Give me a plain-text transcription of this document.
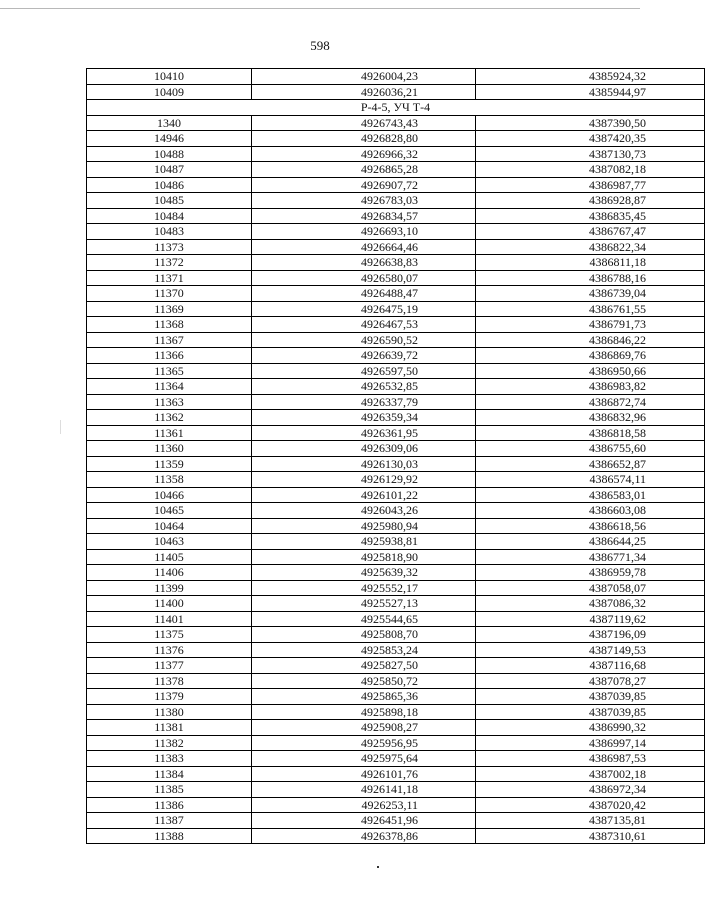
598
10410	4926004,23	4385924,32
10409	4926036,21	4385944,97
Р-4-5, УЧ Т-4		
1340	4926743,43	4387390,50
14946	4926828,80	4387420,35
10488	4926966,32	4387130,73
10487	4926865,28	4387082,18
10486	4926907,72	4386987,77
10485	4926783,03	4386928,87
10484	4926834,57	4386835,45
10483	4926693,10	4386767,47
11373	4926664,46	4386822,34
11372	4926638,83	4386811,18
11371	4926580,07	4386788,16
11370	4926488,47	4386739,04
11369	4926475,19	4386761,55
11368	4926467,53	4386791,73
11367	4926590,52	4386846,22
11366	4926639,72	4386869,76
11365	4926597,50	4386950,66
11364	4926532,85	4386983,82
11363	4926337,79	4386872,74
11362	4926359,34	4386832,96
11361	4926361,95	4386818,58
11360	4926309,06	4386755,60
11359	4926130,03	4386652,87
11358	4926129,92	4386574,11
10466	4926101,22	4386583,01
10465	4926043,26	4386603,08
10464	4925980,94	4386618,56
10463	4925938,81	4386644,25
11405	4925818,90	4386771,34
11406	4925639,32	4386959,78
11399	4925552,17	4387058,07
11400	4925527,13	4387086,32
11401	4925544,65	4387119,62
11375	4925808,70	4387196,09
11376	4925853,24	4387149,53
11377	4925827,50	4387116,68
11378	4925850,72	4387078,27
11379	4925865,36	4387039,85
11380	4925898,18	4387039,85
11381	4925908,27	4386990,32
11382	4925956,95	4386997,14
11383	4925975,64	4386987,53
11384	4926101,76	4387002,18
11385	4926141,18	4386972,34
11386	4926253,11	4387020,42
11387	4926451,96	4387135,81
11388	4926378,86	4387310,61
